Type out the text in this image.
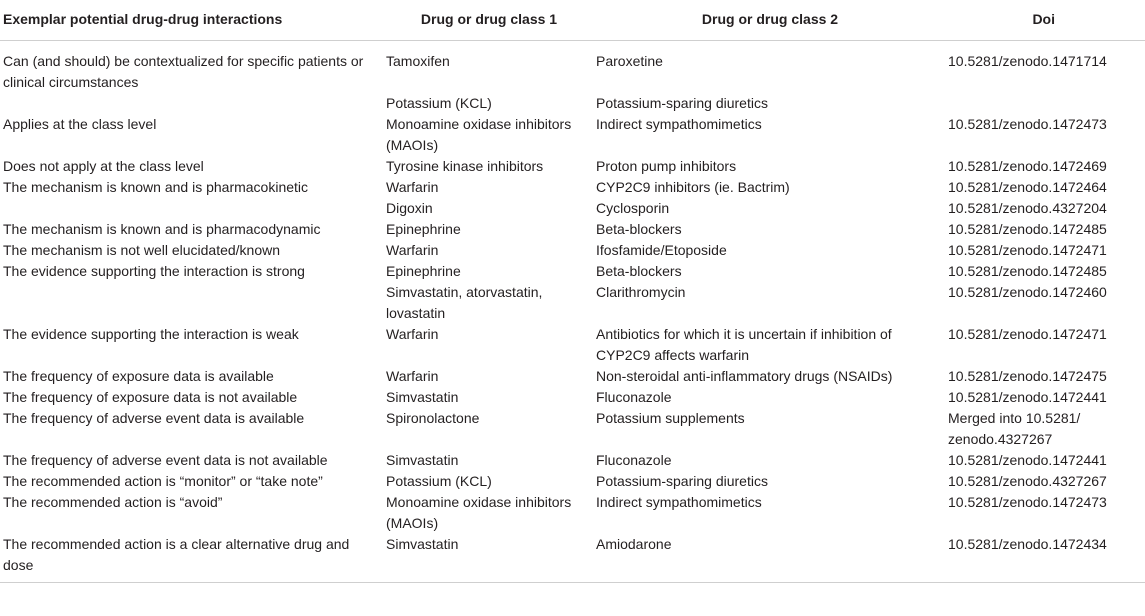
Exemplar potential drug-drug interactions	Drug or drug class 1	Drug or drug class 2	Doi
Can (and should) be contextualized for specific patients or clinical circumstances	Tamoxifen	Paroxetine	10.5281/zenodo.1471714
	Potassium (KCL)	Potassium-sparing diuretics	
Applies at the class level	Monoamine oxidase inhibitors (MAOIs)	Indirect sympathomimetics	10.5281/zenodo.1472473
Does not apply at the class level	Tyrosine kinase inhibitors	Proton pump inhibitors	10.5281/zenodo.1472469
The mechanism is known and is pharmacokinetic	Warfarin	CYP2C9 inhibitors (ie. Bactrim)	10.5281/zenodo.1472464
	Digoxin	Cyclosporin	10.5281/zenodo.4327204
The mechanism is known and is pharmacodynamic	Epinephrine	Beta-blockers	10.5281/zenodo.1472485
The mechanism is not well elucidated/known	Warfarin	Ifosfamide/Etoposide	10.5281/zenodo.1472471
The evidence supporting the interaction is strong	Epinephrine	Beta-blockers	10.5281/zenodo.1472485
	Simvastatin, atorvastatin, lovastatin	Clarithromycin	10.5281/zenodo.1472460
The evidence supporting the interaction is weak	Warfarin	Antibiotics for which it is uncertain if inhibition of CYP2C9 affects warfarin	10.5281/zenodo.1472471
The frequency of exposure data is available	Warfarin	Non-steroidal anti-inflammatory drugs (NSAIDs)	10.5281/zenodo.1472475
The frequency of exposure data is not available	Simvastatin	Fluconazole	10.5281/zenodo.1472441
The frequency of adverse event data is available	Spironolactone	Potassium supplements	Merged into 10.5281/ zenodo.4327267
The frequency of adverse event data is not available	Simvastatin	Fluconazole	10.5281/zenodo.1472441
The recommended action is “monitor” or “take note”	Potassium (KCL)	Potassium-sparing diuretics	10.5281/zenodo.4327267
The recommended action is “avoid”	Monoamine oxidase inhibitors (MAOIs)	Indirect sympathomimetics	10.5281/zenodo.1472473
The recommended action is a clear alternative drug and dose	Simvastatin	Amiodarone	10.5281/zenodo.1472434
